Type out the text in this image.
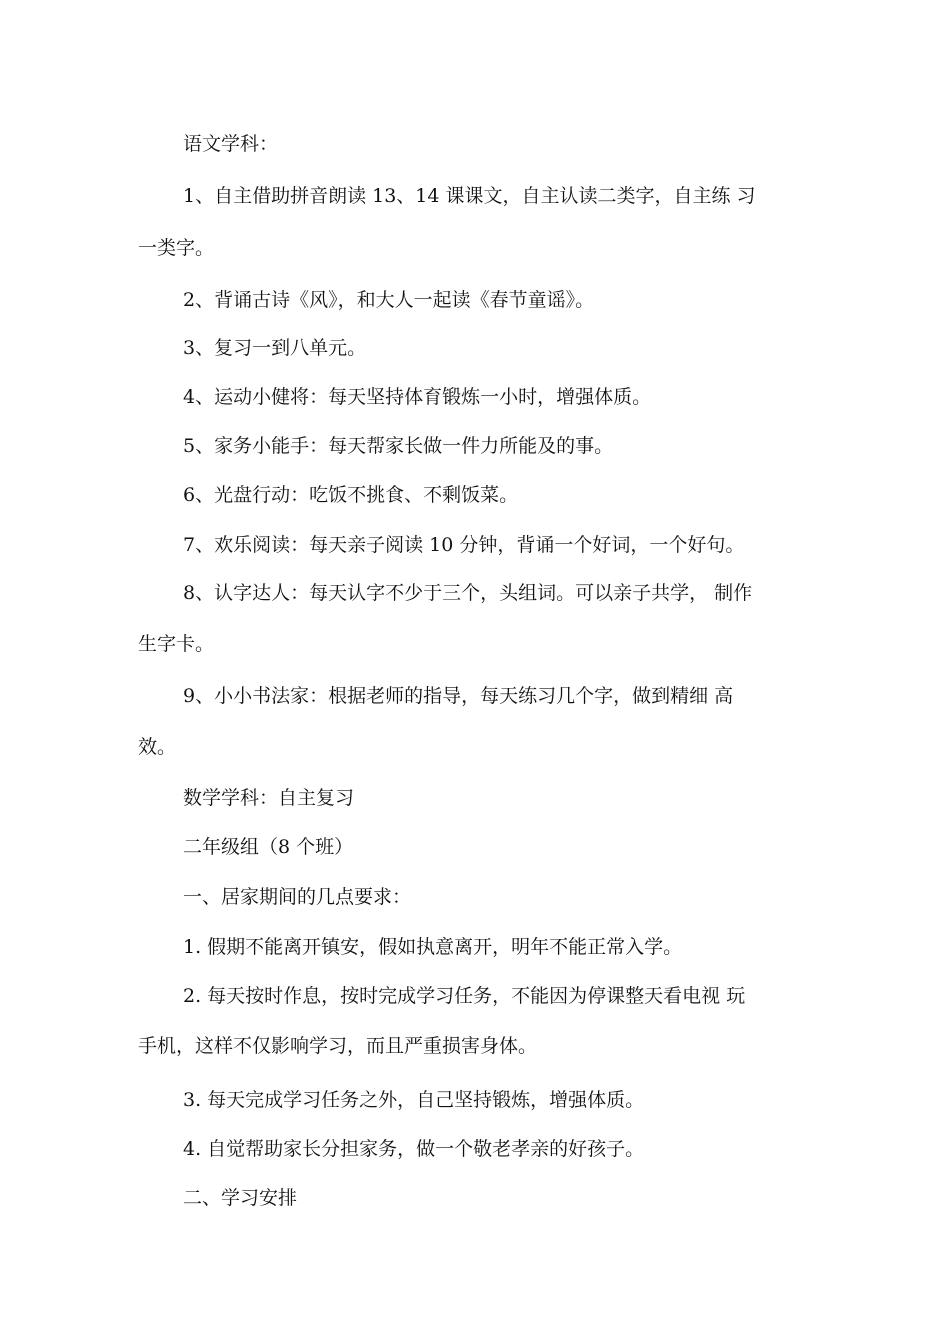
语文学科：

1、自主借助拼音朗读 13、14 课课文，自主认读二类字，自主练 习

一类字。

2、背诵古诗《风》，和大人一起读《春节童谣》。

3、复习一到八单元。

4、运动小健将：每天坚持体育锻炼一小时，增强体质。

5、家务小能手：每天帮家长做一件力所能及的事。

6、光盘行动：吃饭不挑食、不剩饭菜。

7、欢乐阅读：每天亲子阅读 10 分钟，背诵一个好词，一个好句。

8、认字达人：每天认字不少于三个，头组词。可以亲子共学， 制作

生字卡。

9、小小书法家：根据老师的指导，每天练习几个字，做到精细 高

效。

数学学科：自主复习

二年级组（8 个班）

一、居家期间的几点要求：

1. 假期不能离开镇安，假如执意离开，明年不能正常入学。

2. 每天按时作息，按时完成学习任务，不能因为停课整天看电视 玩

手机，这样不仅影响学习，而且严重损害身体。

3. 每天完成学习任务之外，自己坚持锻炼，增强体质。

4. 自觉帮助家长分担家务，做一个敬老孝亲的好孩子。

二、学习安排
